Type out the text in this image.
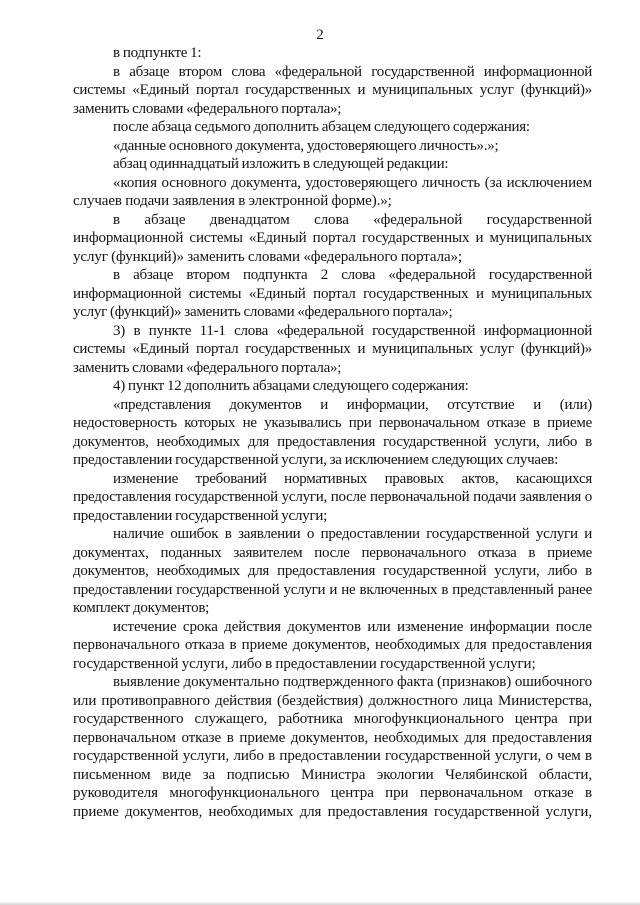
2

в подпункте 1:

в абзаце втором слова «федеральной государственной информационной системы «Единый портал государственных и муниципальных услуг (функций)» заменить словами «федерального портала»;

после абзаца седьмого дополнить абзацем следующего содержания:

«данные основного документа, удостоверяющего личность».»;

абзац одиннадцатый изложить в следующей редакции:

«копия основного документа, удостоверяющего личность (за исключением случаев подачи заявления в электронной форме).»;

в абзаце двенадцатом слова «федеральной государственной информационной системы «Единый портал государственных и муниципальных услуг (функций)» заменить словами «федерального портала»;

в абзаце втором подпункта 2 слова «федеральной государственной информационной системы «Единый портал государственных и муниципальных услуг (функций)» заменить словами «федерального портала»;

3) в пункте 11-1 слова «федеральной государственной информационной системы «Единый портал государственных и муниципальных услуг (функций)» заменить словами «федерального портала»;

4) пункт 12 дополнить абзацами следующего содержания:

«представления документов и информации, отсутствие и (или) недостоверность которых не указывались при первоначальном отказе в приеме документов, необходимых для предоставления государственной услуги, либо в предоставлении государственной услуги, за исключением следующих случаев:

изменение требований нормативных правовых актов, касающихся предоставления государственной услуги, после первоначальной подачи заявления о предоставлении государственной услуги;

наличие ошибок в заявлении о предоставлении государственной услуги и документах, поданных заявителем после первоначального отказа в приеме документов, необходимых для предоставления государственной услуги, либо в предоставлении государственной услуги и не включенных в представленный ранее комплект документов;

истечение срока действия документов или изменение информации после первоначального отказа в приеме документов, необходимых для предоставления государственной услуги, либо в предоставлении государственной услуги;

выявление документально подтвержденного факта (признаков) ошибочного или противоправного действия (бездействия) должностного лица Министерства, государственного служащего, работника многофункционального центра при первоначальном отказе в приеме документов, необходимых для предоставления государственной услуги, либо в предоставлении государственной услуги, о чем в письменном виде за подписью Министра экологии Челябинской области, руководителя многофункционального центра при первоначальном отказе в приеме документов, необходимых для предоставления государственной услуги,
